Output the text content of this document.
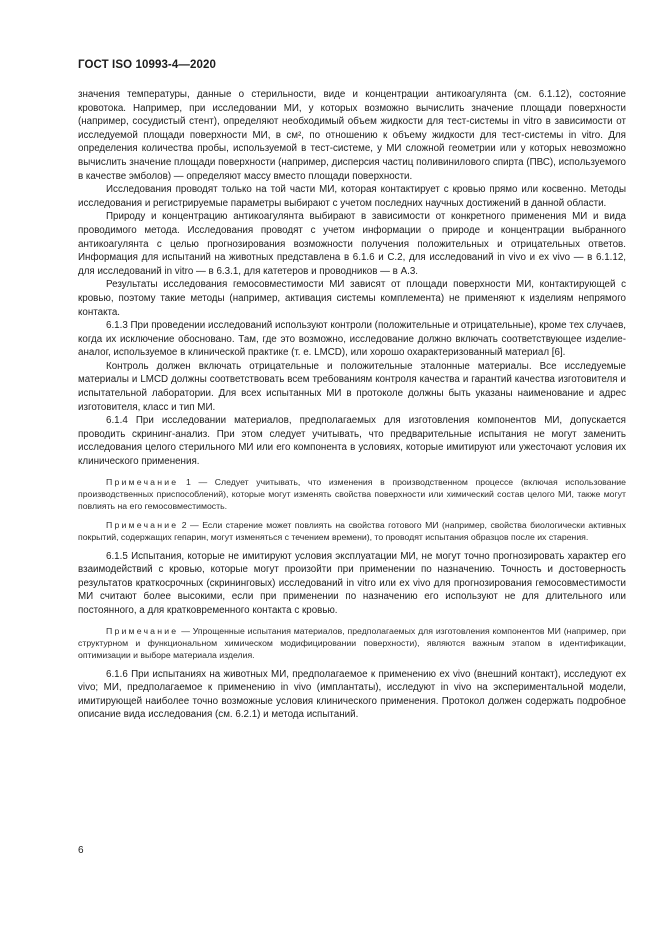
ГОСТ ISO 10993-4—2020

значения температуры, данные о стерильности, виде и концентрации антикоагулянта (см. 6.1.12), состояние кровотока. Например, при исследовании МИ, у которых возможно вычислить значение площади поверхности (например, сосудистый стент), определяют необходимый объем жидкости для тест-системы in vitro в зависимости от исследуемой площади поверхности МИ, в см², по отношению к объему жидкости для тест-системы in vitro. Для определения количества пробы, используемой в тест-системе, у МИ сложной геометрии или у которых невозможно вычислить значение площади поверхности (например, дисперсия частиц поливинилового спирта (ПВС), используемого в качестве эмболов) — определяют массу вместо площади поверхности.

Исследования проводят только на той части МИ, которая контактирует с кровью прямо или косвенно. Методы исследования и регистрируемые параметры выбирают с учетом последних научных достижений в данной области.

Природу и концентрацию антикоагулянта выбирают в зависимости от конкретного применения МИ и вида проводимого метода. Исследования проводят с учетом информации о природе и концентрации выбранного антикоагулянта с целью прогнозирования возможности получения положительных и отрицательных ответов. Информация для испытаний на животных представлена в 6.1.6 и С.2, для исследований in vivo и ex vivo — в 6.1.12, для исследований in vitro — в 6.3.1, для катетеров и проводников — в А.3.

Результаты исследования гемосовместимости МИ зависят от площади поверхности МИ, контактирующей с кровью, поэтому такие методы (например, активация системы комплемента) не применяют к изделиям непрямого контакта.

6.1.3 При проведении исследований используют контроли (положительные и отрицательные), кроме тех случаев, когда их исключение обосновано. Там, где это возможно, исследование должно включать соответствующее изделие-аналог, используемое в клинической практике (т. е. LMCD), или хорошо охарактеризованный материал [6].

Контроль должен включать отрицательные и положительные эталонные материалы. Все исследуемые материалы и LMCD должны соответствовать всем требованиям контроля качества и гарантий качества изготовителя и испытательной лаборатории. Для всех испытанных МИ в протоколе должны быть указаны наименование и адрес изготовителя, класс и тип МИ.

6.1.4 При исследовании материалов, предполагаемых для изготовления компонентов МИ, допускается проводить скрининг-анализ. При этом следует учитывать, что предварительные испытания не могут заменить исследования целого стерильного МИ или его компонента в условиях, которые имитируют или ужесточают условия их клинического применения.

Примечание 1 — Следует учитывать, что изменения в производственном процессе (включая использование производственных приспособлений), которые могут изменять свойства поверхности или химический состав целого МИ, также могут повлиять на его гемосовместимость.

Примечание 2 — Если старение может повлиять на свойства готового МИ (например, свойства биологически активных покрытий, содержащих гепарин, могут изменяться с течением времени), то проводят испытания образцов после их старения.

6.1.5 Испытания, которые не имитируют условия эксплуатации МИ, не могут точно прогнозировать характер его взаимодействий с кровью, которые могут произойти при применении по назначению. Точность и достоверность результатов краткосрочных (скрининговых) исследований in vitro или ex vivo для прогнозирования гемосовместимости МИ считают более высокими, если при применении по назначению его используют не для длительного или постоянного, а для кратковременного контакта с кровью.

Примечание — Упрощенные испытания материалов, предполагаемых для изготовления компонентов МИ (например, при структурном и функциональном химическом модифицировании поверхности), являются важным этапом в идентификации, оптимизации и выборе материала изделия.

6.1.6 При испытаниях на животных МИ, предполагаемое к применению ex vivo (внешний контакт), исследуют ex vivo; МИ, предполагаемое к применению in vivo (имплантаты), исследуют in vivo на экспериментальной модели, имитирующей наиболее точно возможные условия клинического применения. Протокол должен содержать подробное описание вида исследования (см. 6.2.1) и метода испытаний.

6
